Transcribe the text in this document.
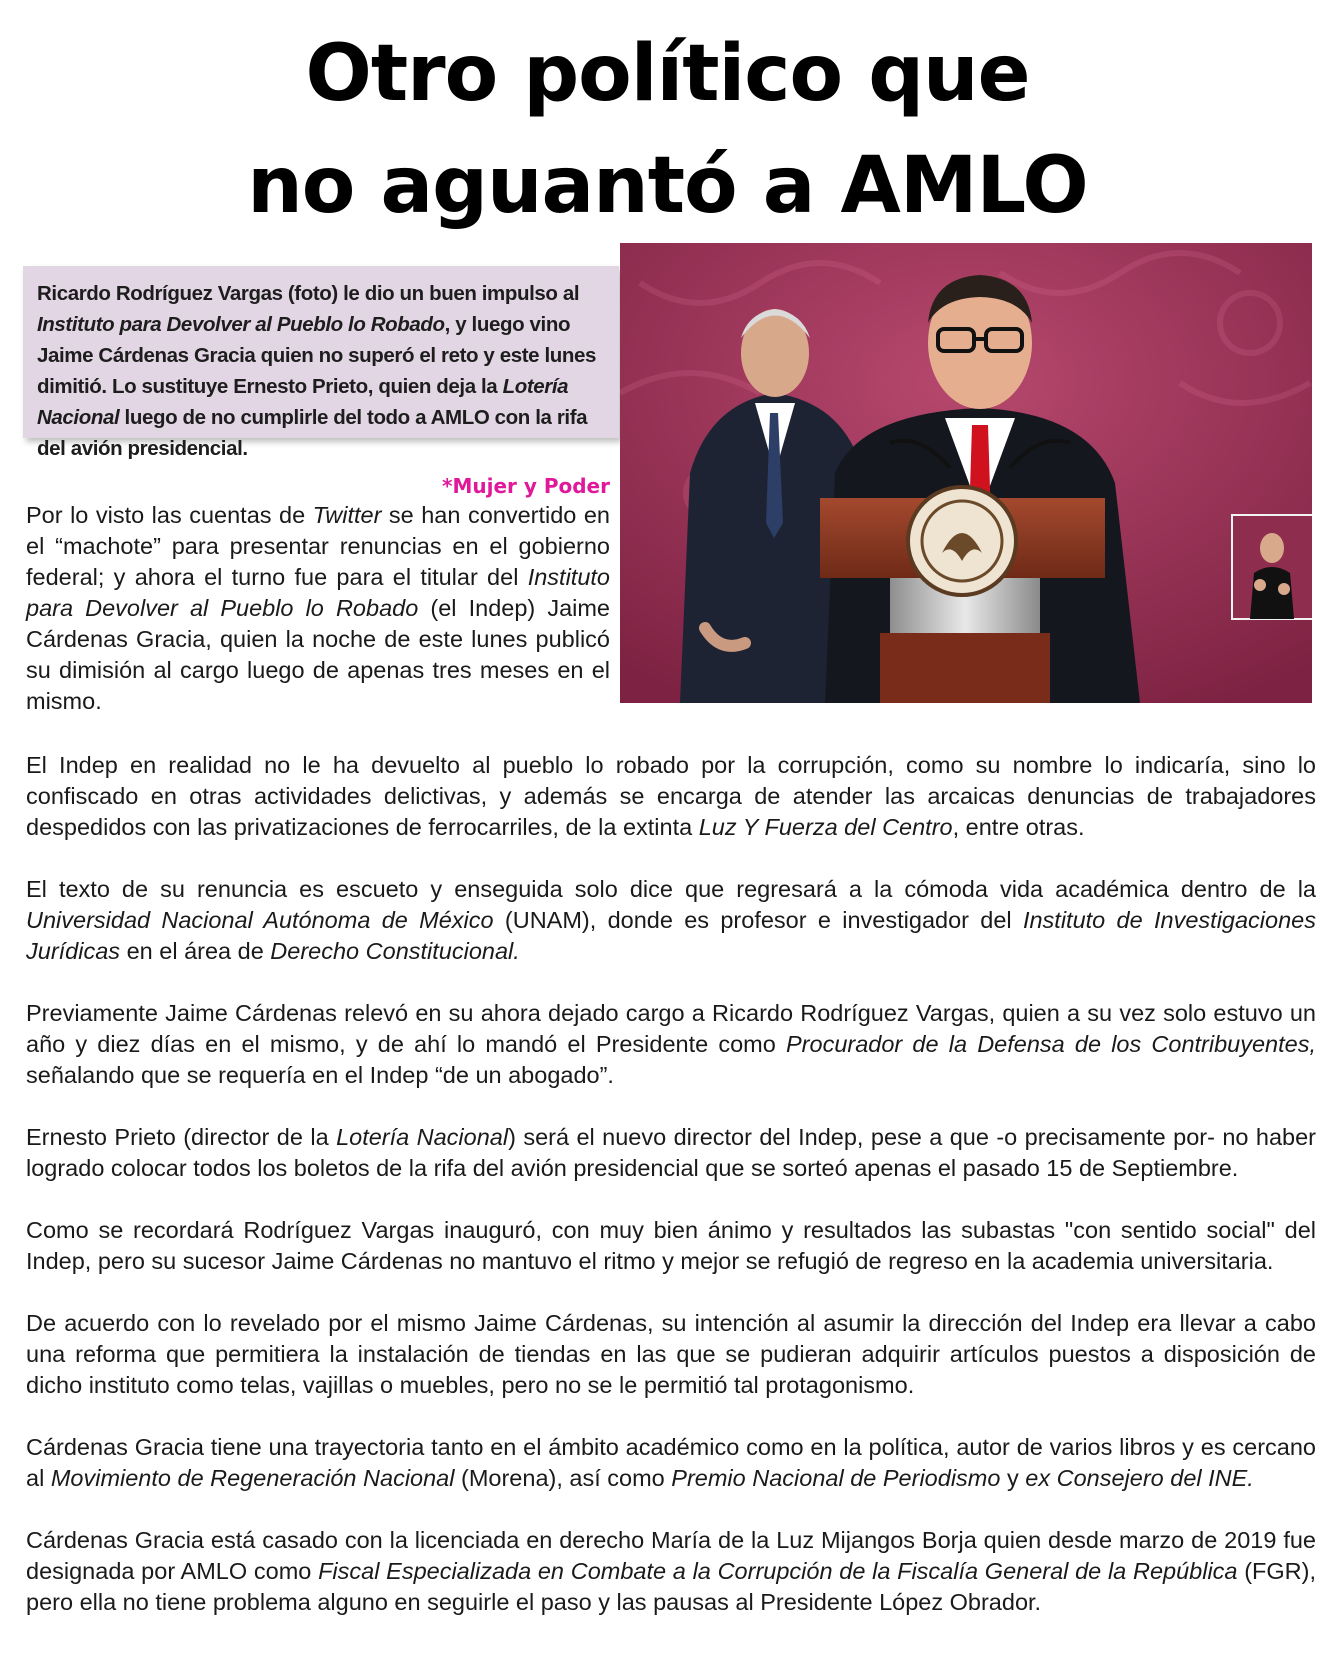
Otro político que
no aguantó a AMLO
Ricardo Rodríguez Vargas (foto) le dio un buen impulso al Instituto para Devolver al Pueblo lo Robado, y luego vino Jaime Cárdenas Gracia quien no superó el reto y este lunes dimitió. Lo sustituye Ernesto Prieto, quien deja la Lotería Nacional luego de no cumplirle del todo a AMLO con la rifa del avión presidencial.
*Mujer y Poder

Por lo visto las cuentas de Twitter se han convertido en el “machote” para presentar renuncias en el gobierno federal; y ahora el turno fue para el titular del Instituto para Devolver al Pueblo lo Robado (el Indep) Jaime Cárdenas Gracia, quien la noche de este lunes publicó su dimisión al cargo luego de apenas tres meses en el mismo.

El Indep en realidad no le ha devuelto al pueblo lo robado por la corrupción, como su nombre lo indicaría, sino lo confiscado en otras actividades delictivas, y además se encarga de atender las arcaicas denuncias de trabajadores despedidos con las privatizaciones de ferrocarriles, de la extinta Luz Y Fuerza del Centro, entre otras.

El texto de su renuncia es escueto y enseguida solo dice que regresará a la cómoda vida académica dentro de la Universidad Nacional Autónoma de México (UNAM), donde es profesor e investigador del Instituto de Investigaciones Jurídicas en el área de Derecho Constitucional.

Previamente Jaime Cárdenas relevó en su ahora dejado cargo a Ricardo Rodríguez Vargas, quien a su vez solo estuvo un año y diez días en el mismo, y de ahí lo mandó el Presidente como Procurador de la Defensa de los Contribuyentes, señalando que se requería en el Indep “de un abogado”.

Ernesto Prieto (director de la Lotería Nacional) será el nuevo director del Indep, pese a que -o precisamente por- no haber logrado colocar todos los boletos de la rifa del avión presidencial que se sorteó apenas el pasado 15 de Septiembre.

Como se recordará Rodríguez Vargas inauguró, con muy bien ánimo y resultados las subastas "con sentido social" del Indep, pero su sucesor Jaime Cárdenas no mantuvo el ritmo y mejor se refugió de regreso en la academia universitaria.

De acuerdo con lo revelado por el mismo Jaime Cárdenas, su intención al asumir la dirección del Indep era llevar a cabo una reforma que permitiera la instalación de tiendas en las que se pudieran adquirir artículos puestos a disposición de dicho instituto como telas, vajillas o muebles, pero no se le permitió tal protagonismo.

Cárdenas Gracia tiene una trayectoria tanto en el ámbito académico como en la política, autor de varios libros y es cercano al Movimiento de Regeneración Nacional (Morena), así como Premio Nacional de Periodismo y ex Consejero del INE.

Cárdenas Gracia está casado con la licenciada en derecho María de la Luz Mijangos Borja quien desde marzo de 2019 fue designada por AMLO como Fiscal Especializada en Combate a la Corrupción de la Fiscalía General de la República (FGR), pero ella no tiene problema alguno en seguirle el paso y las pausas al Presidente López Obrador.
